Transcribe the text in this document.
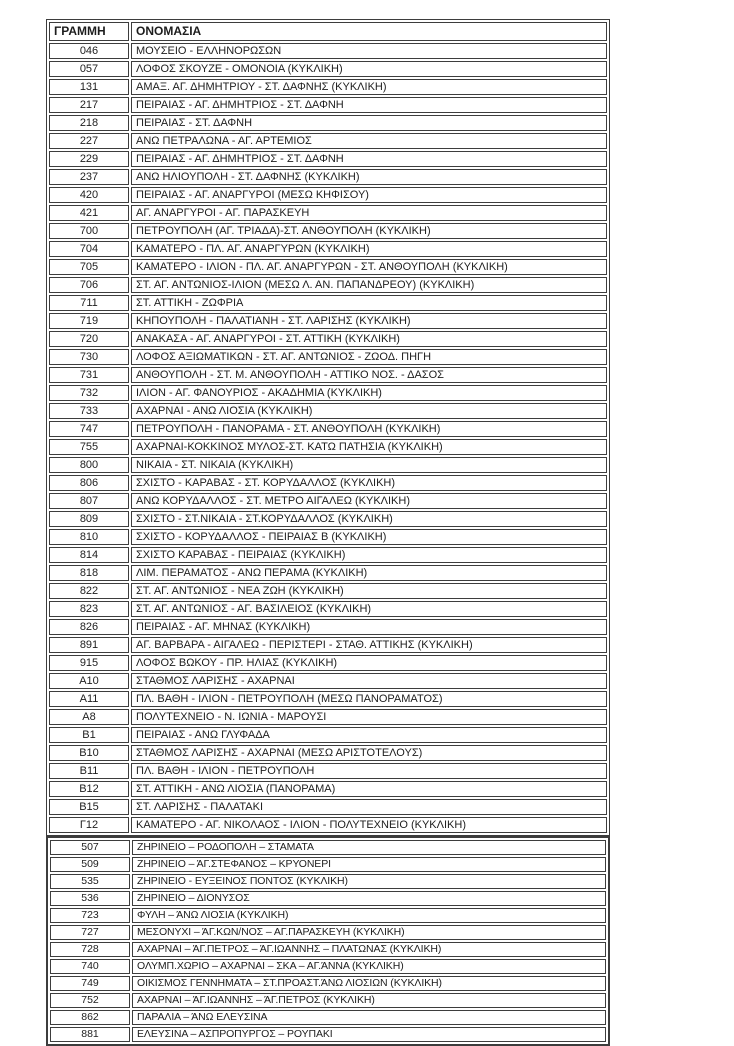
ΓΡΑΜΜΗ	ΟΝΟΜΑΣΙΑ
046	ΜΟΥΣΕΙΟ - ΕΛΛΗΝΟΡΩΣΩΝ
057	ΛΟΦΟΣ ΣΚΟΥΖΕ - ΟΜΟΝΟΙΑ (ΚΥΚΛΙΚΗ)
131	ΑΜΑΞ. ΑΓ. ΔΗΜΗΤΡΙΟΥ - ΣΤ. ΔΑΦΝΗΣ (ΚΥΚΛΙΚΗ)
217	ΠΕΙΡΑΙΑΣ - ΑΓ. ΔΗΜΗΤΡΙΟΣ - ΣΤ. ΔΑΦΝΗ
218	ΠΕΙΡΑΙΑΣ - ΣΤ. ΔΑΦΝΗ
227	ΑΝΩ ΠΕΤΡΑΛΩΝΑ - ΑΓ. ΑΡΤΕΜΙΟΣ
229	ΠΕΙΡΑΙΑΣ - ΑΓ. ΔΗΜΗΤΡΙΟΣ - ΣΤ. ΔΑΦΝΗ
237	ΑΝΩ ΗΛΙΟΥΠΟΛΗ - ΣΤ. ΔΑΦΝΗΣ (ΚΥΚΛΙΚΗ)
420	ΠΕΙΡΑΙΑΣ - ΑΓ. ΑΝΑΡΓΥΡΟΙ (ΜΕΣΩ ΚΗΦΙΣΟΥ)
421	ΑΓ. ΑΝΑΡΓΥΡΟΙ - ΑΓ. ΠΑΡΑΣΚΕΥΗ
700	ΠΕΤΡΟΥΠΟΛΗ (ΑΓ. ΤΡΙΑΔΑ)-ΣΤ. ΑΝΘΟΥΠΟΛΗ (ΚΥΚΛΙΚΗ)
704	ΚΑΜΑΤΕΡΟ - ΠΛ. ΑΓ. ΑΝΑΡΓΥΡΩΝ (ΚΥΚΛΙΚΗ)
705	ΚΑΜΑΤΕΡΟ - ΙΛΙΟΝ - ΠΛ. ΑΓ. ΑΝΑΡΓΥΡΩΝ - ΣΤ. ΑΝΘΟΥΠΟΛΗ (ΚΥΚΛΙΚΗ)
706	ΣΤ. ΑΓ. ΑΝΤΩΝΙΟΣ-ΙΛΙΟΝ (ΜΕΣΩ Λ. ΑΝ. ΠΑΠΑΝΔΡΕΟΥ) (ΚΥΚΛΙΚΗ)
711	ΣΤ. ΑΤΤΙΚΗ - ΖΩΦΡΙΑ
719	ΚΗΠΟΥΠΟΛΗ - ΠΑΛΑΤΙΑΝΗ - ΣΤ. ΛΑΡΙΣΗΣ (ΚΥΚΛΙΚΗ)
720	ΑΝΑΚΑΣΑ - ΑΓ. ΑΝΑΡΓΥΡΟΙ - ΣΤ. ΑΤΤΙΚΗ (ΚΥΚΛΙΚΗ)
730	ΛΟΦΟΣ ΑΞΙΩΜΑΤΙΚΩΝ - ΣΤ. ΑΓ. ΑΝΤΩΝΙΟΣ - ΖΩΟΔ. ΠΗΓΗ
731	ΑΝΘΟΥΠΟΛΗ - ΣΤ. Μ. ΑΝΘΟΥΠΟΛΗ - ΑΤΤΙΚΟ ΝΟΣ. - ΔΑΣΟΣ
732	ΙΛΙΟΝ - ΑΓ. ΦΑΝΟΥΡΙΟΣ - ΑΚΑΔΗΜΙΑ (ΚΥΚΛΙΚΗ)
733	ΑΧΑΡΝΑΙ - ΑΝΩ ΛΙΟΣΙΑ (ΚΥΚΛΙΚΗ)
747	ΠΕΤΡΟΥΠΟΛΗ - ΠΑΝΟΡΑΜΑ - ΣΤ. ΑΝΘΟΥΠΟΛΗ (ΚΥΚΛΙΚΗ)
755	ΑΧΑΡΝΑΙ-ΚΟΚΚΙΝΟΣ ΜΥΛΟΣ-ΣΤ. ΚΑΤΩ ΠΑΤΗΣΙΑ (ΚΥΚΛΙΚΗ)
800	ΝΙΚΑΙΑ - ΣΤ. ΝΙΚΑΙΑ (ΚΥΚΛΙΚΗ)
806	ΣΧΙΣΤΟ - ΚΑΡΑΒΑΣ - ΣΤ. ΚΟΡΥΔΑΛΛΟΣ (ΚΥΚΛΙΚΗ)
807	ΑΝΩ ΚΟΡΥΔΑΛΛΟΣ - ΣΤ. ΜΕΤΡΟ ΑΙΓΑΛΕΩ (ΚΥΚΛΙΚΗ)
809	ΣΧΙΣΤΟ - ΣΤ.ΝΙΚΑΙΑ - ΣΤ.ΚΟΡΥΔΑΛΛΟΣ (ΚΥΚΛΙΚΗ)
810	ΣΧΙΣΤΟ - ΚΟΡΥΔΑΛΛΟΣ - ΠΕΙΡΑΙΑΣ Β (ΚΥΚΛΙΚΗ)
814	ΣΧΙΣΤΟ ΚΑΡΑΒΑΣ - ΠΕΙΡΑΙΑΣ (ΚΥΚΛΙΚΗ)
818	ΛΙΜ. ΠΕΡΑΜΑΤΟΣ - ΑΝΩ ΠΕΡΑΜΑ (ΚΥΚΛΙΚΗ)
822	ΣΤ. ΑΓ. ΑΝΤΩΝΙΟΣ - ΝΕΑ ΖΩΗ (ΚΥΚΛΙΚΗ)
823	ΣΤ. ΑΓ. ΑΝΤΩΝΙΟΣ - ΑΓ. ΒΑΣΙΛΕΙΟΣ (ΚΥΚΛΙΚΗ)
826	ΠΕΙΡΑΙΑΣ - ΑΓ. ΜΗΝΑΣ (ΚΥΚΛΙΚΗ)
891	ΑΓ. ΒΑΡΒΑΡΑ - ΑΙΓΑΛΕΩ - ΠΕΡΙΣΤΕΡΙ - ΣΤΑΘ. ΑΤΤΙΚΗΣ (ΚΥΚΛΙΚΗ)
915	ΛΟΦΟΣ ΒΩΚΟΥ - ΠΡ. ΗΛΙΑΣ (ΚΥΚΛΙΚΗ)
Α10	ΣΤΑΘΜΟΣ ΛΑΡΙΣΗΣ - ΑΧΑΡΝΑΙ
Α11	ΠΛ. ΒΑΘΗ - ΙΛΙΟΝ - ΠΕΤΡΟΥΠΟΛΗ (ΜΕΣΩ ΠΑΝΟΡΑΜΑΤΟΣ)
Α8	ΠΟΛΥΤΕΧΝΕΙΟ - Ν. ΙΩΝΙΑ - ΜΑΡΟΥΣΙ
Β1	ΠΕΙΡΑΙΑΣ - ΑΝΩ ΓΛΥΦΑΔΑ
Β10	ΣΤΑΘΜΟΣ ΛΑΡΙΣΗΣ - ΑΧΑΡΝΑΙ (ΜΕΣΩ ΑΡΙΣΤΟΤΕΛΟΥΣ)
Β11	ΠΛ. ΒΑΘΗ - ΙΛΙΟΝ - ΠΕΤΡΟΥΠΟΛΗ
Β12	ΣΤ. ΑΤΤΙΚΗ - ΑΝΩ ΛΙΟΣΙΑ (ΠΑΝΟΡΑΜΑ)
Β15	ΣΤ. ΛΑΡΙΣΗΣ - ΠΑΛΑΤΑΚΙ
Γ12	ΚΑΜΑΤΕΡΟ - ΑΓ. ΝΙΚΟΛΑΟΣ - ΙΛΙΟΝ - ΠΟΛΥΤΕΧΝΕΙΟ (ΚΥΚΛΙΚΗ)
507	ΖΗΡΙΝΕΙΟ – ΡΟΔΟΠΟΛΗ – ΣΤΑΜΑΤΑ
509	ΖΗΡΙΝΕΙΟ – ΆΓ.ΣΤΕΦΑΝΟΣ – ΚΡΥΟΝΕΡΙ
535	ΖΗΡΙΝΕΙΟ - ΕΥΞΕΙΝΟΣ ΠΟΝΤΟΣ (ΚΥΚΛΙΚΗ)
536	ΖΗΡΙΝΕΙΟ – ΔΙΟΝΥΣΟΣ
723	ΦΥΛΗ – ΆΝΩ ΛΙΟΣΙΑ (ΚΥΚΛΙΚΗ)
727	ΜΕΣΟΝΥΧΙ – ΆΓ.ΚΩΝ/ΝΟΣ – ΑΓ.ΠΑΡΑΣΚΕΥΗ (ΚΥΚΛΙΚΗ)
728	ΑΧΑΡΝΑΙ – ΆΓ.ΠΕΤΡΟΣ – ΆΓ.ΙΩΑΝΝΗΣ – ΠΛΑΤΩΝΑΣ (ΚΥΚΛΙΚΗ)
740	ΟΛΥΜΠ.ΧΩΡΙΟ – ΑΧΑΡΝΑΙ – ΣΚΑ – ΑΓ.ΆΝΝΑ (ΚΥΚΛΙΚΗ)
749	ΟΙΚΙΣΜΟΣ ΓΕΝΝΗΜΑΤΑ – ΣΤ.ΠΡΟΑΣΤ.ΆΝΩ ΛΙΟΣΙΩΝ (ΚΥΚΛΙΚΗ)
752	ΑΧΑΡΝΑΙ – ΆΓ.ΙΩΑΝΝΗΣ – ΆΓ.ΠΕΤΡΟΣ (ΚΥΚΛΙΚΗ)
862	ΠΑΡΑΛΙΑ – ΆΝΩ ΕΛΕΥΣΙΝΑ
881	ΕΛΕΥΣΙΝΑ – ΑΣΠΡΟΠΥΡΓΟΣ – ΡΟΥΠΑΚΙ
